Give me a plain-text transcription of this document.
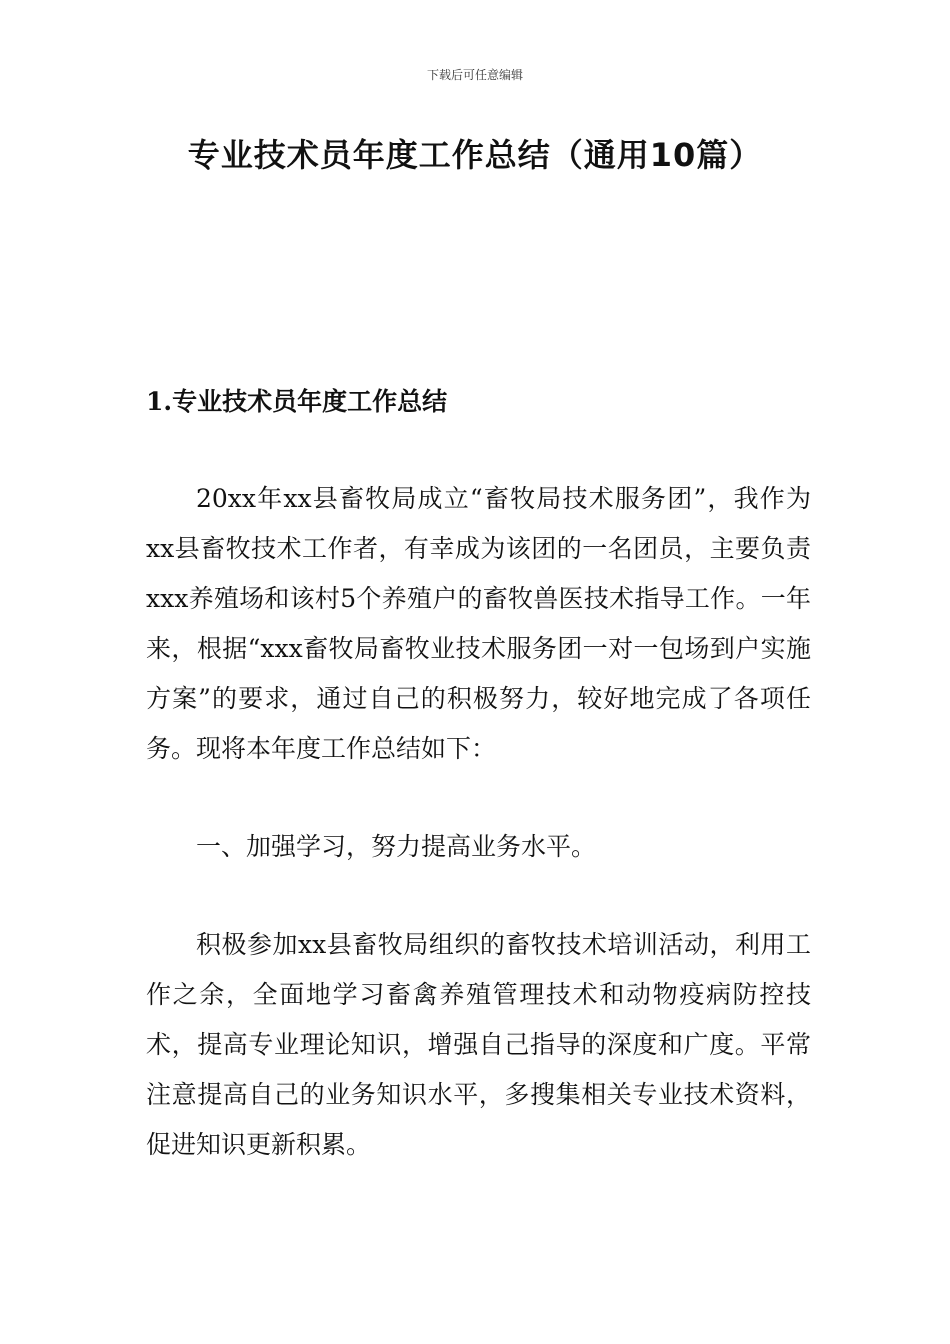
下载后可任意编辑
专业技术员年度工作总结（通用10篇）
1.专业技术员年度工作总结

20xx年xx县畜牧局成立“畜牧局技术服务团”，我作为xx县畜牧技术工作者，有幸成为该团的一名团员，主要负责xxx养殖场和该村5个养殖户的畜牧兽医技术指导工作。一年来，根据“xxx畜牧局畜牧业技术服务团一对一包场到户实施方案”的要求，通过自己的积极努力，较好地完成了各项任务。现将本年度工作总结如下：

一、加强学习，努力提高业务水平。

积极参加xx县畜牧局组织的畜牧技术培训活动，利用工作之余，全面地学习畜禽养殖管理技术和动物疫病防控技术，提高专业理论知识，增强自己指导的深度和广度。平常注意提高自己的业务知识水平，多搜集相关专业技术资料，促进知识更新积累。
